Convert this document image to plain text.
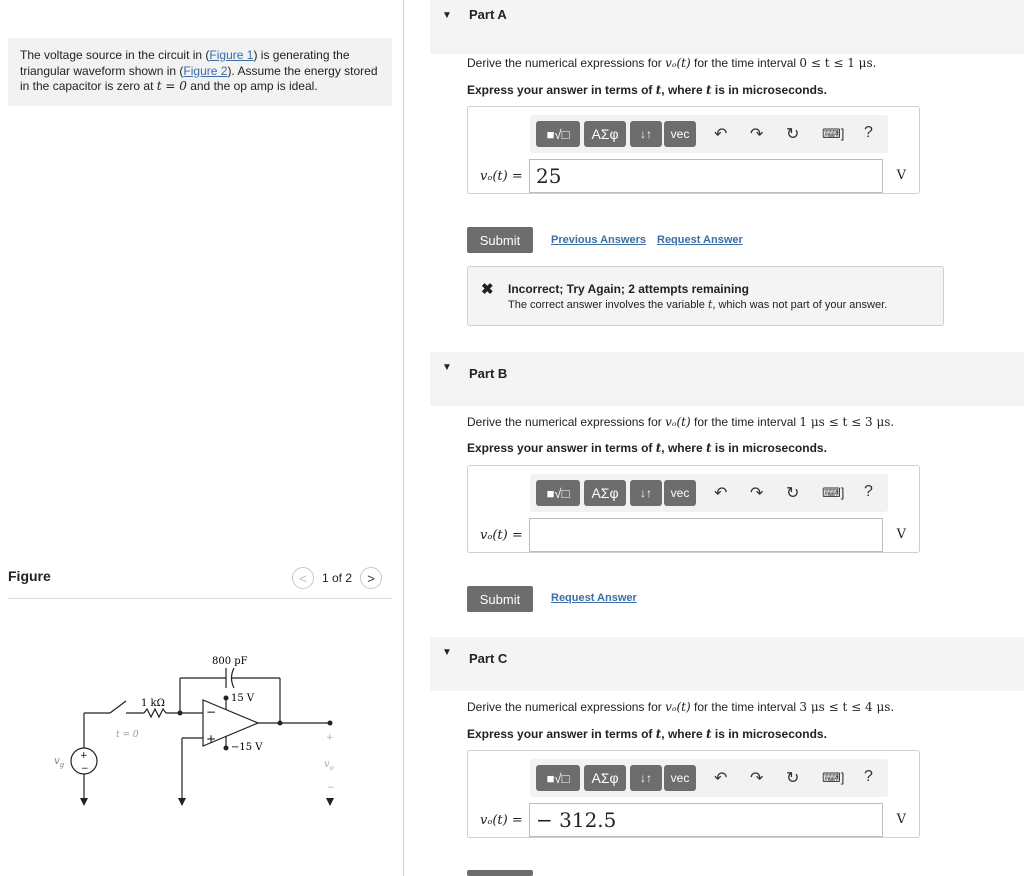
The voltage source in the circuit in (Figure 1) is generating the triangular waveform shown in (Figure 2). Assume the energy stored in the capacitor is zero at t = 0 and the op amp is ideal.
Figure	<	1 of 2	>
800 pF
1 kΩ
t = 0
15 V
−15 V
−
+
+
−
$v_g$
+
$v_o$
−
▼ Part A
Derive the numerical expressions for vₒ(t) for the time interval 0 ≤ t ≤ 1 μs.
Express your answer in terms of t, where t is in microseconds.
■√□	ΑΣφ	↓↑	vec	↶ ↷ ↻ ⌨] ?
vₒ(t) = 25	V
Submit	Previous Answers Request Answer
✖ Incorrect; Try Again; 2 attempts remaining
The correct answer involves the variable t, which was not part of your answer.
▼ Part B
Derive the numerical expressions for vₒ(t) for the time interval 1 μs ≤ t ≤ 3 μs.
Express your answer in terms of t, where t is in microseconds.
■√□	ΑΣφ	↓↑	vec	↶ ↷ ↻ ⌨] ?
vₒ(t) =	V
Submit	Request Answer
▼ Part C
Derive the numerical expressions for vₒ(t) for the time interval 3 μs ≤ t ≤ 4 μs.
Express your answer in terms of t, where t is in microseconds.
■√□	ΑΣφ	↓↑	vec	↶ ↷ ↻ ⌨] ?
vₒ(t) = − 312.5	V
